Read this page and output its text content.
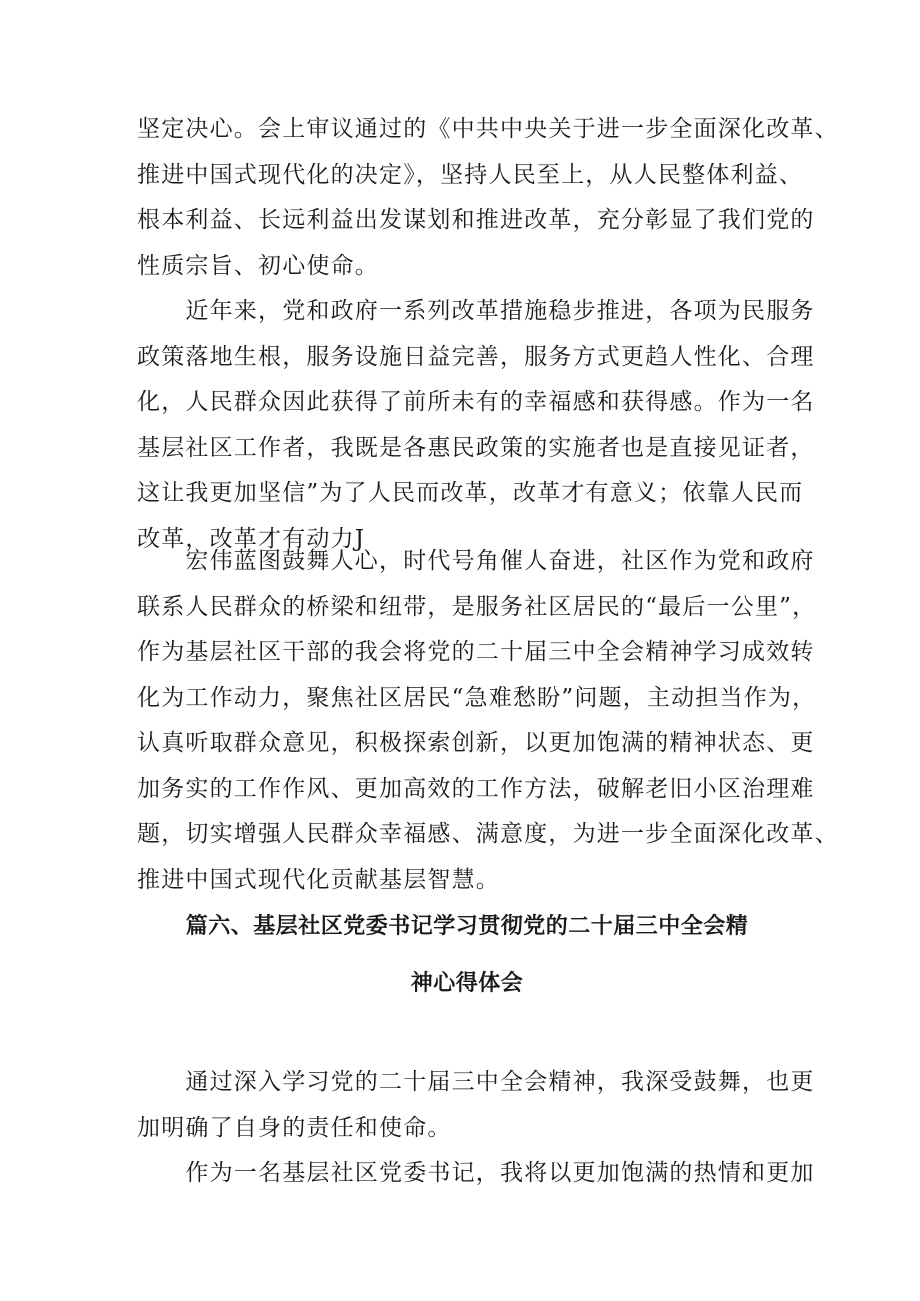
坚定决心。会上审议通过的《中共中央关于进一步全面深化改革、
推进中国式现代化的决定》，坚持人民至上，从人民整体利益、
根本利益、长远利益出发谋划和推进改革，充分彰显了我们党的
性质宗旨、初心使命。
　　近年来，党和政府一系列改革措施稳步推进，各项为民服务
政策落地生根，服务设施日益完善，服务方式更趋人性化、合理
化，人民群众因此获得了前所未有的幸福感和获得感。作为一名
基层社区工作者，我既是各惠民政策的实施者也是直接见证者，
这让我更加坚信”为了人民而改革，改革才有意义；依靠人民而
改革，改革才有动力J
　　宏伟蓝图鼓舞人心，时代号角催人奋进，社区作为党和政府
联系人民群众的桥梁和纽带，是服务社区居民的“最后一公里”，
作为基层社区干部的我会将党的二十届三中全会精神学习成效转
化为工作动力，聚焦社区居民“急难愁盼”问题，主动担当作为，
认真听取群众意见，积极探索创新，以更加饱满的精神状态、更
加务实的工作作风、更加高效的工作方法，破解老旧小区治理难
题，切实增强人民群众幸福感、满意度，为进一步全面深化改革、
推进中国式现代化贡献基层智慧。
篇六、基层社区党委书记学习贯彻党的二十届三中全会精
神心得体会
　　通过深入学习党的二十届三中全会精神，我深受鼓舞，也更
加明确了自身的责任和使命。
　　作为一名基层社区党委书记，我将以更加饱满的热情和更加
